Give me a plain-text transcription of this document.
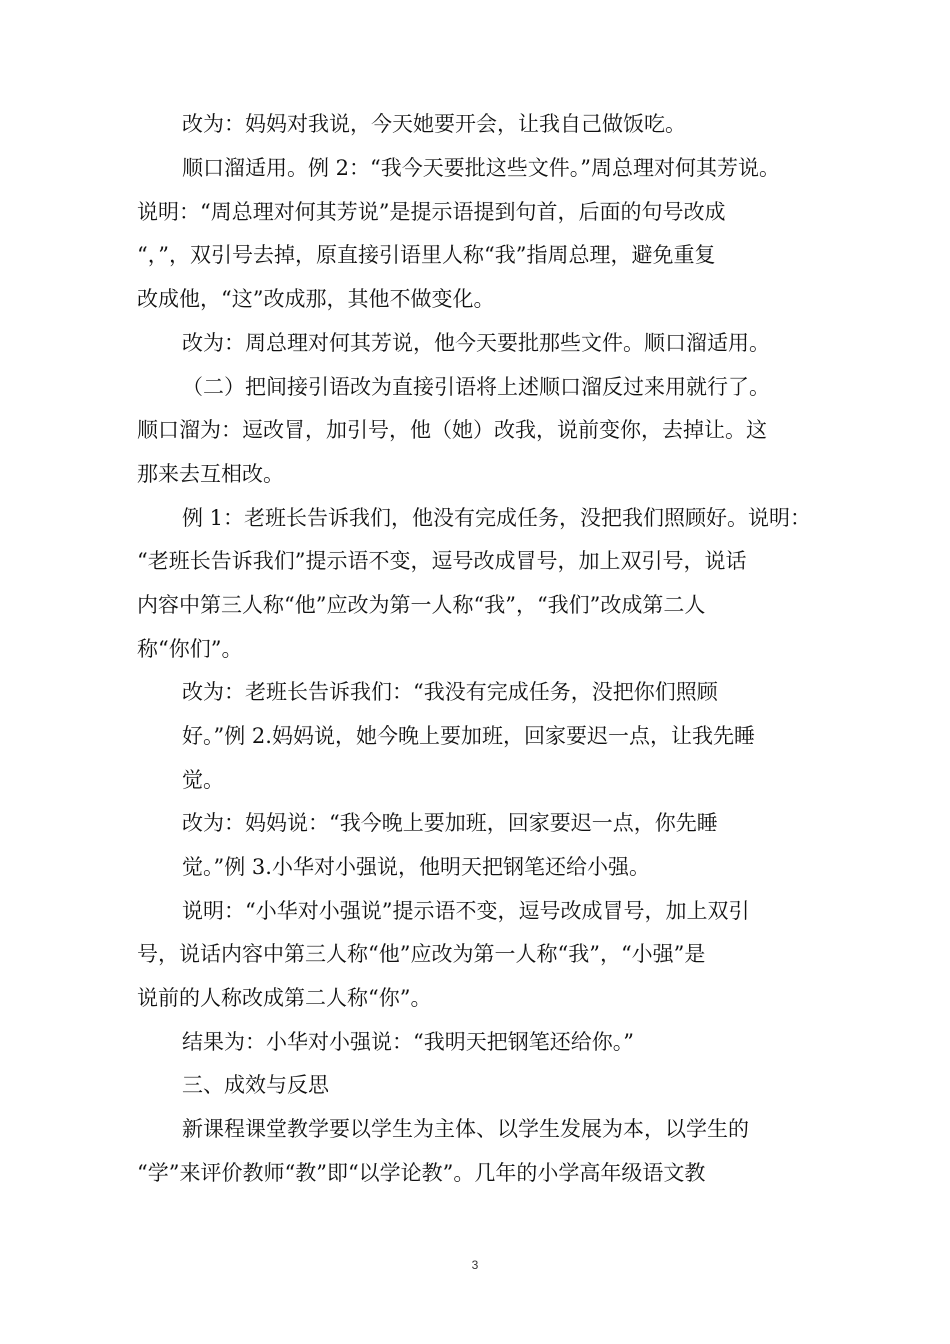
改为：妈妈对我说，今天她要开会，让我自己做饭吃。
顺口溜适用。例 2：“我今天要批这些文件。”周总理对何其芳说。
说明：“周总理对何其芳说”是提示语提到句首，后面的句号改成
“，”，双引号去掉，原直接引语里人称“我”指周总理，避免重复
改成他，“这”改成那，其他不做变化。
改为：周总理对何其芳说，他今天要批那些文件。顺口溜适用。
（二）把间接引语改为直接引语将上述顺口溜反过来用就行了。
顺口溜为：逗改冒，加引号，他（她）改我，说前变你，去掉让。这
那来去互相改。
例 1：老班长告诉我们，他没有完成任务，没把我们照顾好。说明：
“老班长告诉我们”提示语不变，逗号改成冒号，加上双引号，说话
内容中第三人称“他”应改为第一人称“我”，“我们”改成第二人
称“你们”。
改为：老班长告诉我们：“我没有完成任务，没把你们照顾
好。”例 2.妈妈说，她今晚上要加班，回家要迟一点，让我先睡
觉。
改为：妈妈说：“我今晚上要加班，回家要迟一点，你先睡
觉。”例 3.小华对小强说，他明天把钢笔还给小强。
说明：“小华对小强说”提示语不变，逗号改成冒号，加上双引
号，说话内容中第三人称“他”应改为第一人称“我”，“小强”是
说前的人称改成第二人称“你”。
结果为：小华对小强说：“我明天把钢笔还给你。”
三、成效与反思
新课程课堂教学要以学生为主体、以学生发展为本，以学生的
“学”来评价教师“教”即“以学论教”。几年的小学高年级语文教
3
